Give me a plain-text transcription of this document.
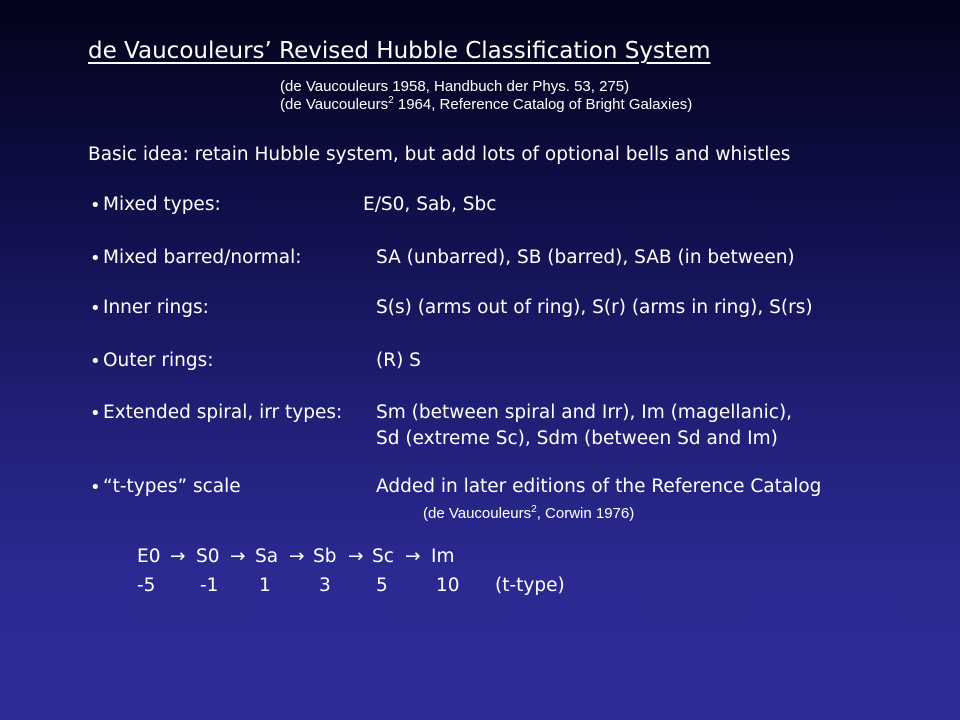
de Vaucouleurs’ Revised Hubble Classification System
(de Vaucouleurs 1958, Handbuch der Phys. 53, 275)
(de Vaucouleurs$^2$ 1964, Reference Catalog of Bright Galaxies)
Basic idea: retain Hubble system, but add lots of optional bells and whistles
• Mixed types:	E/S0, Sab, Sbc
• Mixed barred/normal:	SA (unbarred), SB (barred), SAB (in between)
• Inner rings:	S(s) (arms out of ring), S(r) (arms in ring), S(rs)
• Outer rings:	(R) S
• Extended spiral, irr types: Sm (between spiral and Irr), Im (magellanic),
Sd (extreme Sc), Sdm (between Sd and Im)
• “t-types” scale	Added in later editions of the Reference Catalog
(de Vaucouleurs$^2$, Corwin 1976)
E0 → S0 → Sa → Sb → Sc → Im
-5 -1 1	3 5	10 (t-type)
